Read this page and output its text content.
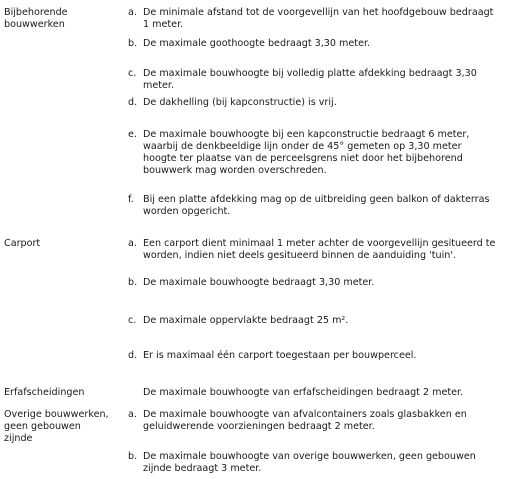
Bijbehorende
bouwwerken
a. De minimale afstand tot de voorgevellijn van het hoofdgebouw bedraagt
1 meter.
b. De maximale goothoogte bedraagt 3,30 meter.
c. De maximale bouwhoogte bij volledig platte afdekking bedraagt 3,30
meter.
d. De dakhelling (bij kapconstructie) is vrij.
e. De maximale bouwhoogte bij een kapconstructie bedraagt 6 meter,
waarbij de denkbeeldige lijn onder de 45° gemeten op 3,30 meter
hoogte ter plaatse van de perceelsgrens niet door het bijbehorend
bouwwerk mag worden overschreden.
f. Bij een platte afdekking mag op de uitbreiding geen balkon of dakterras
worden opgericht.
Carport	a. Een carport dient minimaal 1 meter achter de voorgevellijn gesitueerd te
worden, indien niet deels gesitueerd binnen de aanduiding 'tuin'.
b. De maximale bouwhoogte bedraagt 3,30 meter.
c. De maximale oppervlakte bedraagt 25 m².
d. Er is maximaal één carport toegestaan per bouwperceel.
Erfafscheidingen	De maximale bouwhoogte van erfafscheidingen bedraagt 2 meter.
Overige bouwwerken,
geen gebouwen
zijnde
a. De maximale bouwhoogte van afvalcontainers zoals glasbakken en
geluidwerende voorzieningen bedraagt 2 meter.
b. De maximale bouwhoogte van overige bouwwerken, geen gebouwen
zijnde bedraagt 3 meter.
